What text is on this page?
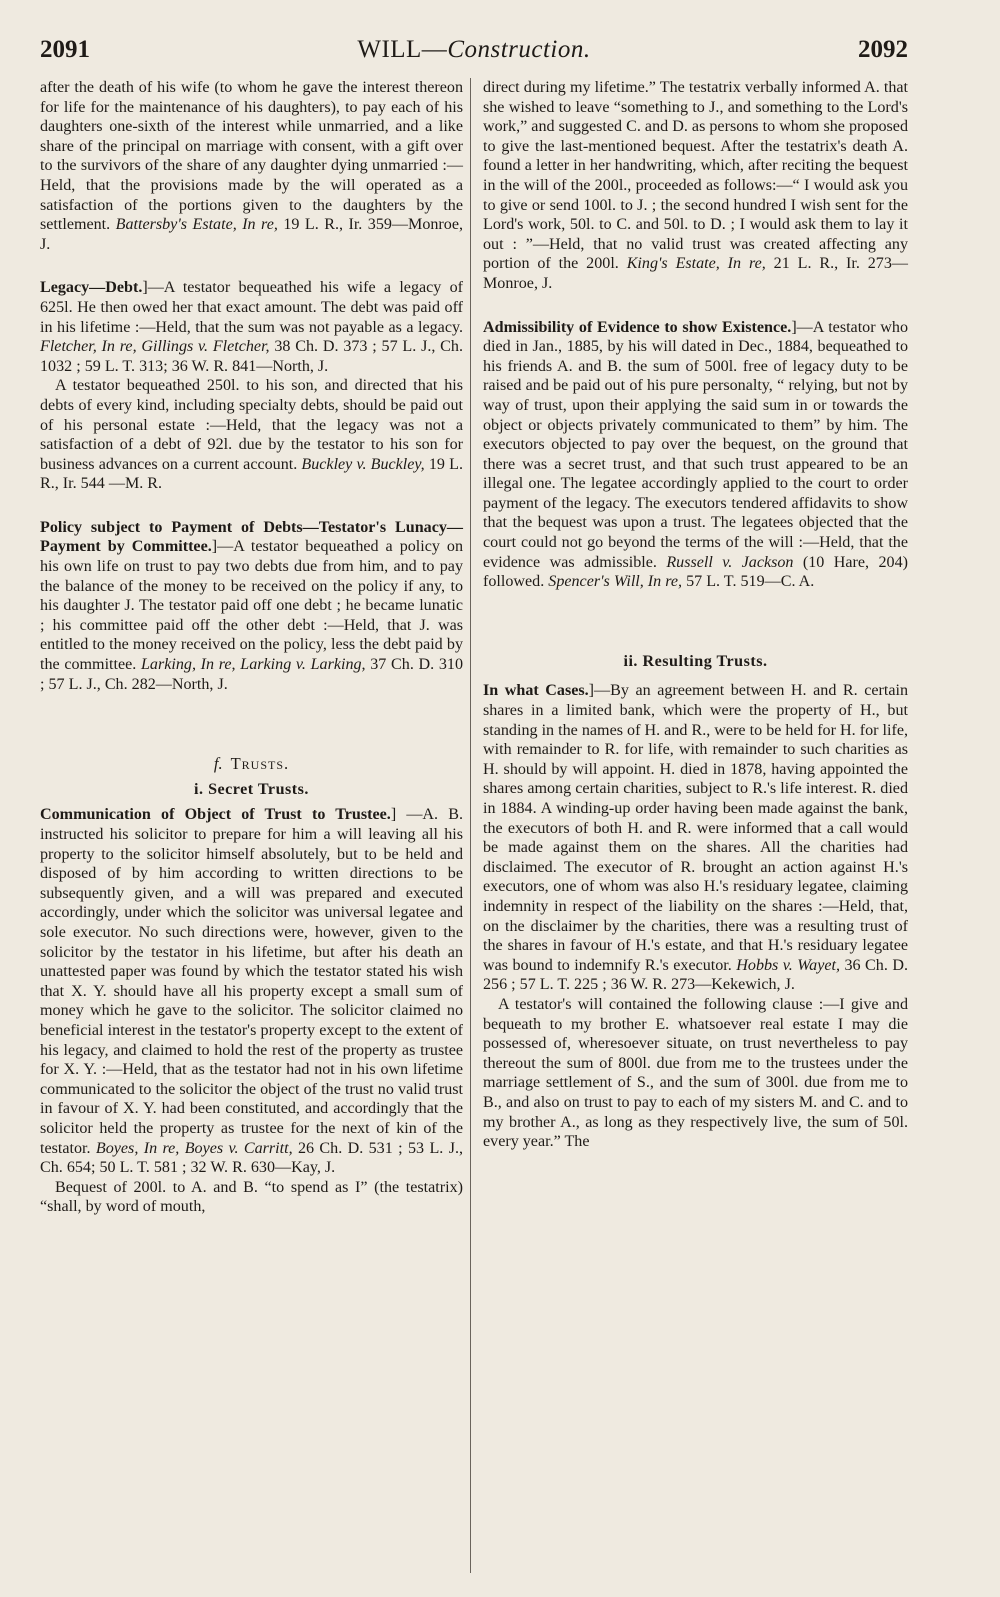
2091	WILL—Construction.	2092

after the death of his wife (to whom he gave the interest thereon for life for the maintenance of his daughters), to pay each of his daughters one-sixth of the interest while unmarried, and a like share of the principal on marriage with consent, with a gift over to the survivors of the share of any daughter dying unmarried :—Held, that the provisions made by the will operated as a satisfaction of the portions given to the daughters by the settlement. Battersby's Estate, In re, 19 L. R., Ir. 359—Monroe, J.

Legacy—Debt.]—A testator bequeathed his wife a legacy of 625l. He then owed her that exact amount. The debt was paid off in his lifetime :—Held, that the sum was not payable as a legacy. Fletcher, In re, Gillings v. Fletcher, 38 Ch. D. 373 ; 57 L. J., Ch. 1032 ; 59 L. T. 313; 36 W. R. 841—North, J.

A testator bequeathed 250l. to his son, and directed that his debts of every kind, including specialty debts, should be paid out of his personal estate :—Held, that the legacy was not a satisfaction of a debt of 92l. due by the testator to his son for business advances on a current account. Buckley v. Buckley, 19 L. R., Ir. 544 —M. R.

Policy subject to Payment of Debts—Testator's Lunacy—Payment by Committee.]—A testator bequeathed a policy on his own life on trust to pay two debts due from him, and to pay the balance of the money to be received on the policy if any, to his daughter J. The testator paid off one debt ; he became lunatic ; his committee paid off the other debt :—Held, that J. was entitled to the money received on the policy, less the debt paid by the committee. Larking, In re, Larking v. Larking, 37 Ch. D. 310 ; 57 L. J., Ch. 282—North, J.

f. Trusts.

i. Secret Trusts.

Communication of Object of Trust to Trustee.] —A. B. instructed his solicitor to prepare for him a will leaving all his property to the solicitor himself absolutely, but to be held and disposed of by him according to written directions to be subsequently given, and a will was prepared and executed accordingly, under which the solicitor was universal legatee and sole executor. No such directions were, however, given to the solicitor by the testator in his lifetime, but after his death an unattested paper was found by which the testator stated his wish that X. Y. should have all his property except a small sum of money which he gave to the solicitor. The solicitor claimed no beneficial interest in the testator's property except to the extent of his legacy, and claimed to hold the rest of the property as trustee for X. Y. :—Held, that as the testator had not in his own lifetime communicated to the solicitor the object of the trust no valid trust in favour of X. Y. had been constituted, and accordingly that the solicitor held the property as trustee for the next of kin of the testator. Boyes, In re, Boyes v. Carritt, 26 Ch. D. 531 ; 53 L. J., Ch. 654; 50 L. T. 581 ; 32 W. R. 630—Kay, J.

Bequest of 200l. to A. and B. “to spend as I” (the testatrix) “shall, by word of mouth,

direct during my lifetime.” The testatrix verbally informed A. that she wished to leave “something to J., and something to the Lord's work,” and suggested C. and D. as persons to whom she proposed to give the last-mentioned bequest. After the testatrix's death A. found a letter in her handwriting, which, after reciting the bequest in the will of the 200l., proceeded as follows:—“ I would ask you to give or send 100l. to J. ; the second hundred I wish sent for the Lord's work, 50l. to C. and 50l. to D. ; I would ask them to lay it out : ”—Held, that no valid trust was created affecting any portion of the 200l. King's Estate, In re, 21 L. R., Ir. 273—Monroe, J.

Admissibility of Evidence to show Existence.]—A testator who died in Jan., 1885, by his will dated in Dec., 1884, bequeathed to his friends A. and B. the sum of 500l. free of legacy duty to be raised and be paid out of his pure personalty, “ relying, but not by way of trust, upon their applying the said sum in or towards the object or objects privately communicated to them” by him. The executors objected to pay over the bequest, on the ground that there was a secret trust, and that such trust appeared to be an illegal one. The legatee accordingly applied to the court to order payment of the legacy. The executors tendered affidavits to show that the bequest was upon a trust. The legatees objected that the court could not go beyond the terms of the will :—Held, that the evidence was admissible. Russell v. Jackson (10 Hare, 204) followed. Spencer's Will, In re, 57 L. T. 519—C. A.

ii. Resulting Trusts.

In what Cases.]—By an agreement between H. and R. certain shares in a limited bank, which were the property of H., but standing in the names of H. and R., were to be held for H. for life, with remainder to R. for life, with remainder to such charities as H. should by will appoint. H. died in 1878, having appointed the shares among certain charities, subject to R.'s life interest. R. died in 1884. A winding-up order having been made against the bank, the executors of both H. and R. were informed that a call would be made against them on the shares. All the charities had disclaimed. The executor of R. brought an action against H.'s executors, one of whom was also H.'s residuary legatee, claiming indemnity in respect of the liability on the shares :—Held, that, on the disclaimer by the charities, there was a resulting trust of the shares in favour of H.'s estate, and that H.'s residuary legatee was bound to indemnify R.'s executor. Hobbs v. Wayet, 36 Ch. D. 256 ; 57 L. T. 225 ; 36 W. R. 273—Kekewich, J.

A testator's will contained the following clause :—I give and bequeath to my brother E. whatsoever real estate I may die possessed of, wheresoever situate, on trust nevertheless to pay thereout the sum of 800l. due from me to the trustees under the marriage settlement of S., and the sum of 300l. due from me to B., and also on trust to pay to each of my sisters M. and C. and to my brother A., as long as they respectively live, the sum of 50l. every year.” The
